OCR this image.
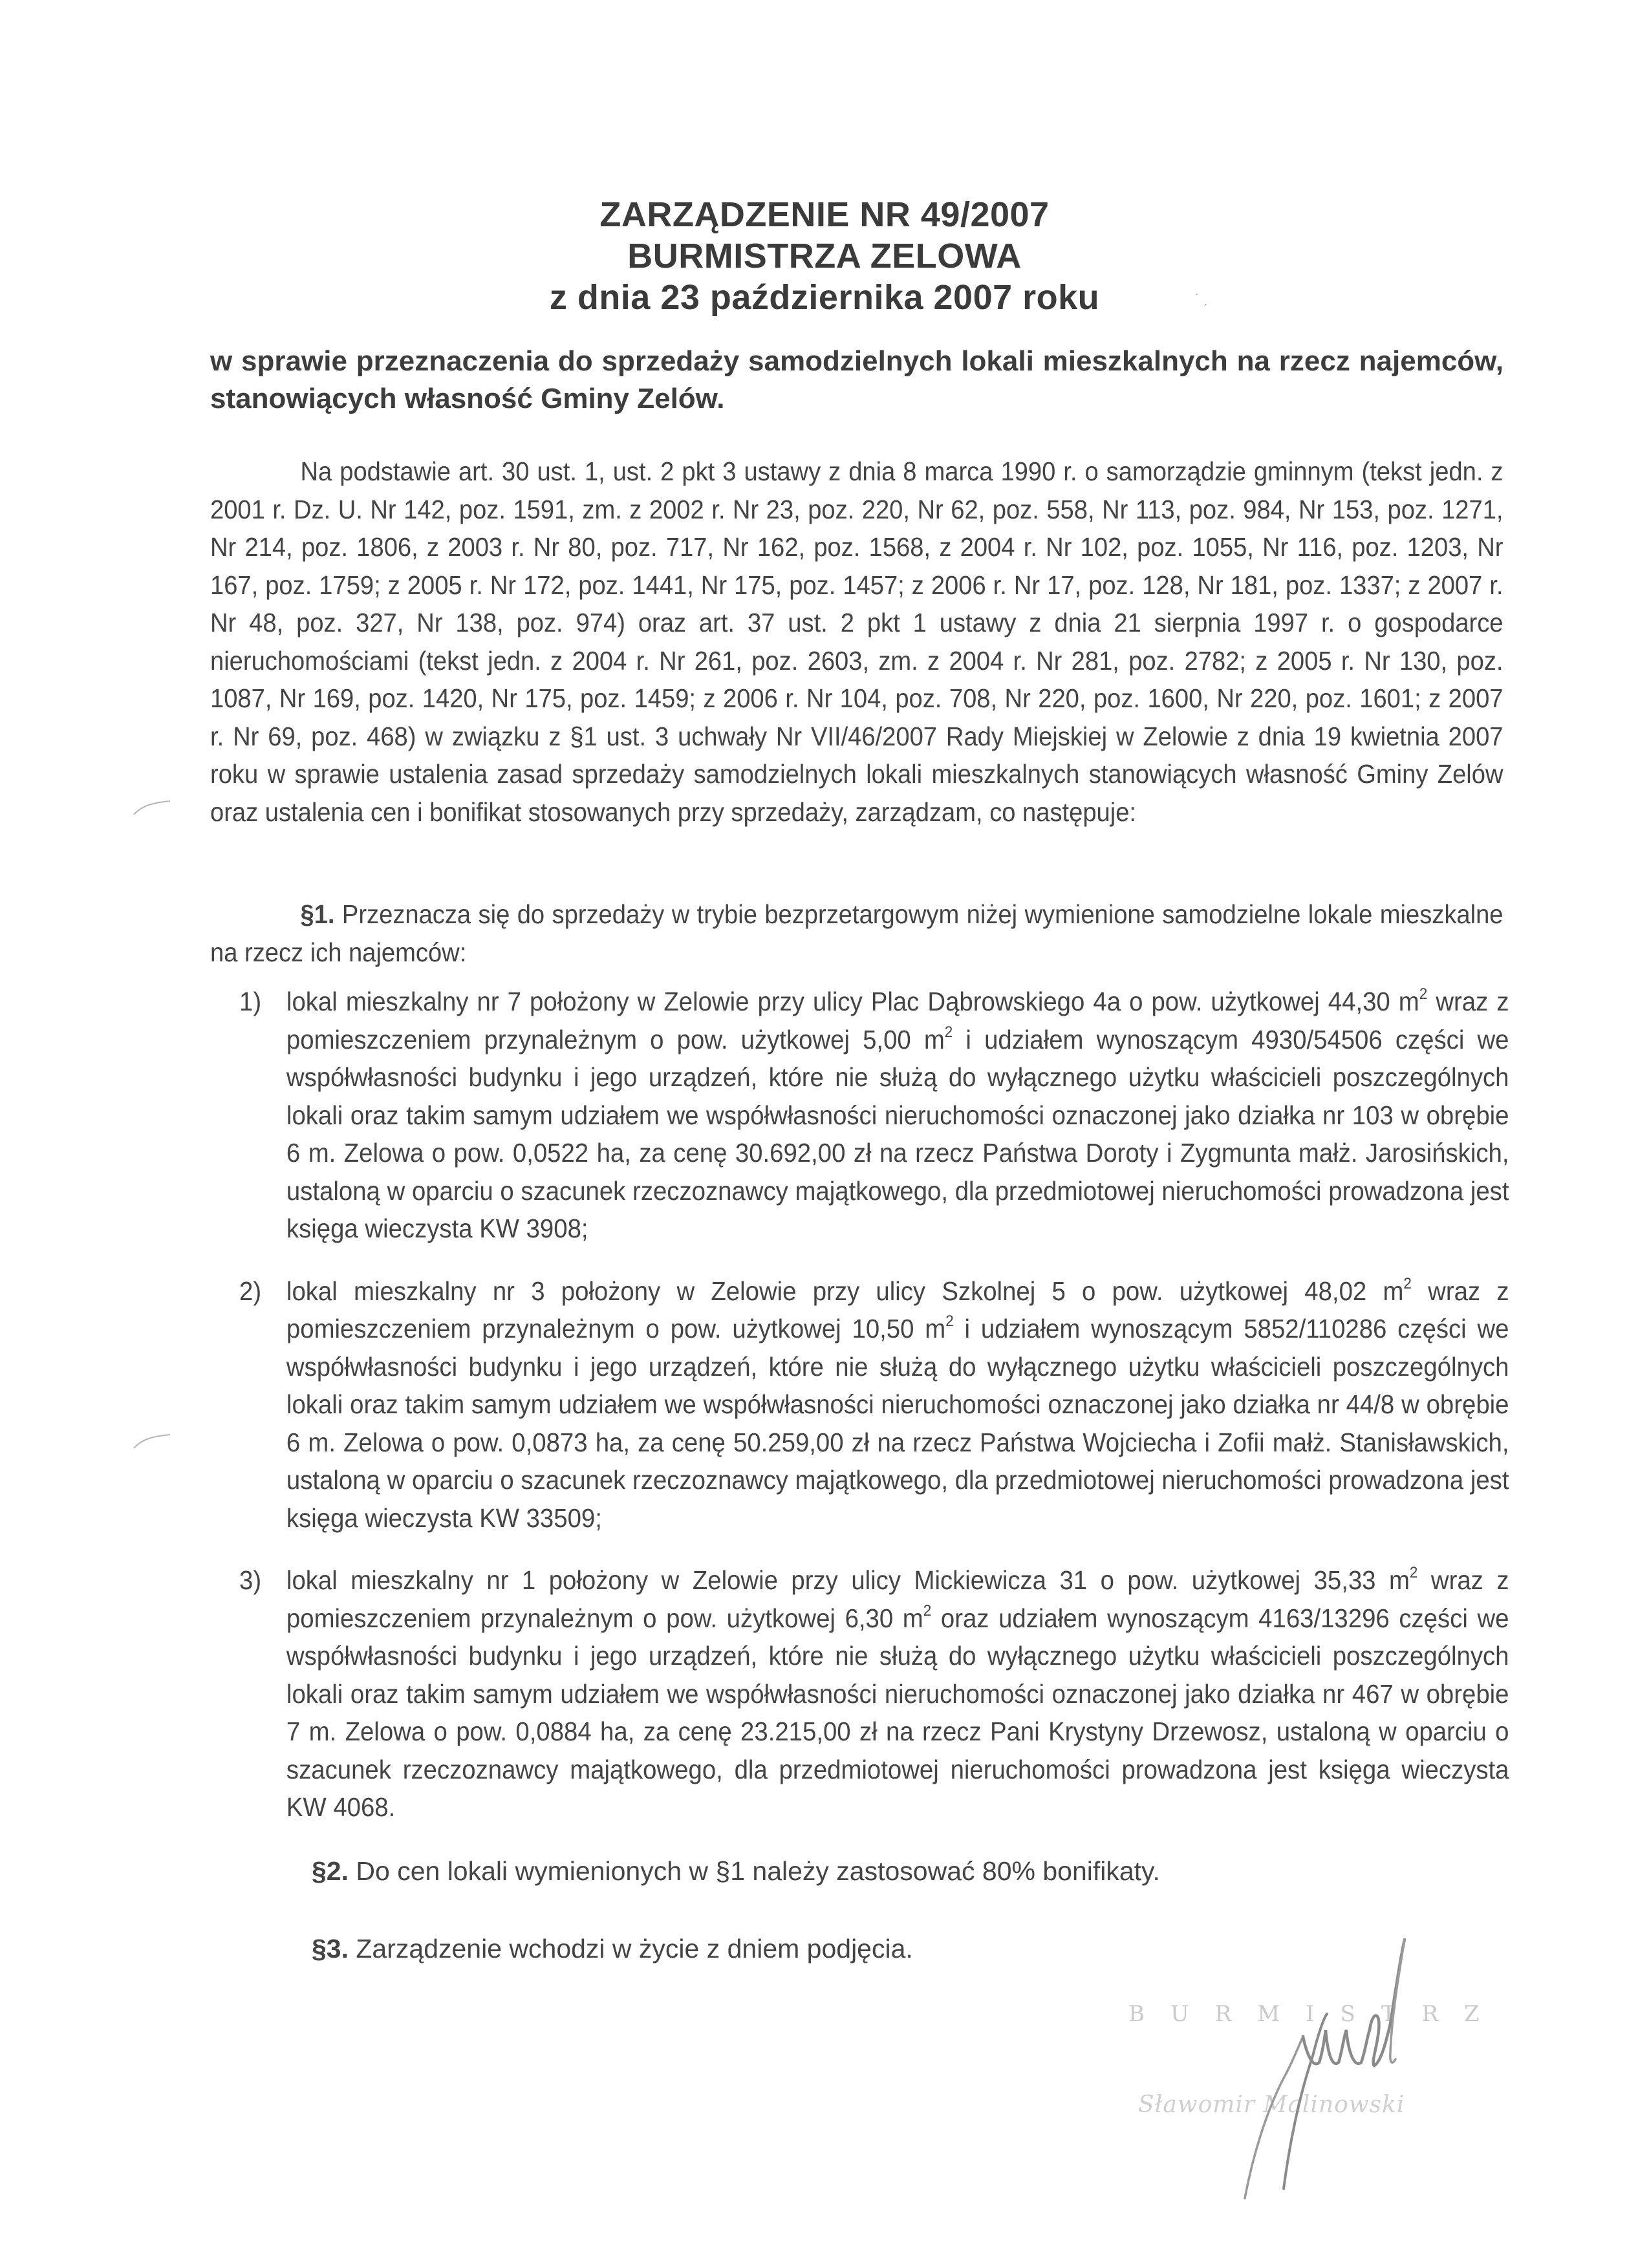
ZARZĄDZENIE NR 49/2007
BURMISTRZA ZELOWA
z dnia 23 października 2007 roku	˙ ˏ
w sprawie przeznaczenia do sprzedaży samodzielnych lokali mieszkalnych na rzecz najemców, stanowiących własność Gminy Zelów.
Na podstawie art. 30 ust. 1, ust. 2 pkt 3 ustawy z dnia 8 marca 1990 r. o samorządzie gminnym (tekst jedn. z 2001 r. Dz. U. Nr 142, poz. 1591, zm. z 2002 r. Nr 23, poz. 220, Nr 62, poz. 558, Nr 113, poz. 984, Nr 153, poz. 1271, Nr 214, poz. 1806, z 2003 r. Nr 80, poz. 717, Nr 162, poz. 1568, z 2004 r. Nr 102, poz. 1055, Nr 116, poz. 1203, Nr 167, poz. 1759; z 2005 r. Nr 172, poz. 1441, Nr 175, poz. 1457; z 2006 r. Nr 17, poz. 128, Nr 181, poz. 1337; z 2007 r. Nr 48, poz. 327, Nr 138, poz. 974) oraz art. 37 ust. 2 pkt 1 ustawy z dnia 21 sierpnia 1997 r. o gospodarce nieruchomościami (tekst jedn. z 2004 r. Nr 261, poz. 2603, zm. z 2004 r. Nr 281, poz. 2782; z 2005 r. Nr 130, poz. 1087, Nr 169, poz. 1420, Nr 175, poz. 1459; z 2006 r. Nr 104, poz. 708, Nr 220, poz. 1600, Nr 220, poz. 1601; z 2007 r. Nr 69, poz. 468) w związku z §1 ust. 3 uchwały Nr VII/46/2007 Rady Miejskiej w Zelowie z dnia 19 kwietnia 2007 roku w sprawie ustalenia zasad sprzedaży samodzielnych lokali mieszkalnych stanowiących własność Gminy Zelów oraz ustalenia cen i bonifikat stosowanych przy sprzedaży, zarządzam, co następuje:
§1. Przeznacza się do sprzedaży w trybie bezprzetargowym niżej wymienione samodzielne lokale mieszkalne na rzecz ich najemców:
1) lokal mieszkalny nr 7 położony w Zelowie przy ulicy Plac Dąbrowskiego 4a o pow. użytkowej 44,30 $m^2$ wraz z pomieszczeniem przynależnym o pow. użytkowej 5,00 $m^2$ i udziałem wynoszącym 4930/54506 części we współwłasności budynku i jego urządzeń, które nie służą do wyłącznego użytku właścicieli poszczególnych lokali oraz takim samym udziałem we współwłasności nieruchomości oznaczonej jako działka nr 103 w obrębie 6 m. Zelowa o pow. 0,0522 ha, za cenę 30.692,00 zł na rzecz Państwa Doroty i Zygmunta małż. Jarosińskich, ustaloną w oparciu o szacunek rzeczoznawcy majątkowego, dla przedmiotowej nieruchomości prowadzona jest księga wieczysta KW 3908;
2) lokal mieszkalny nr 3 położony w Zelowie przy ulicy Szkolnej 5 o pow. użytkowej 48,02 $m^2$ wraz z pomieszczeniem przynależnym o pow. użytkowej 10,50 $m^2$ i udziałem wynoszącym 5852/110286 części we współwłasności budynku i jego urządzeń, które nie służą do wyłącznego użytku właścicieli poszczególnych lokali oraz takim samym udziałem we współwłasności nieruchomości oznaczonej jako działka nr 44/8 w obrębie 6 m. Zelowa o pow. 0,0873 ha, za cenę 50.259,00 zł na rzecz Państwa Wojciecha i Zofii małż. Stanisławskich, ustaloną w oparciu o szacunek rzeczoznawcy majątkowego, dla przedmiotowej nieruchomości prowadzona jest księga wieczysta KW 33509;
3) lokal mieszkalny nr 1 położony w Zelowie przy ulicy Mickiewicza 31 o pow. użytkowej 35,33 $m^2$ wraz z pomieszczeniem przynależnym o pow. użytkowej 6,30 $m^2$ oraz udziałem wynoszącym 4163/13296 części we współwłasności budynku i jego urządzeń, które nie służą do wyłącznego użytku właścicieli poszczególnych lokali oraz takim samym udziałem we współwłasności nieruchomości oznaczonej jako działka nr 467 w obrębie 7 m. Zelowa o pow. 0,0884 ha, za cenę 23.215,00 zł na rzecz Pani Krystyny Drzewosz, ustaloną w oparciu o szacunek rzeczoznawcy majątkowego, dla przedmiotowej nieruchomości prowadzona jest księga wieczysta KW 4068.
§2. Do cen lokali wymienionych w §1 należy zastosować 80% bonifikaty.
§3. Zarządzenie wchodzi w życie z dniem podjęcia.
BURMISTRZ
Sławomir Malinowski
